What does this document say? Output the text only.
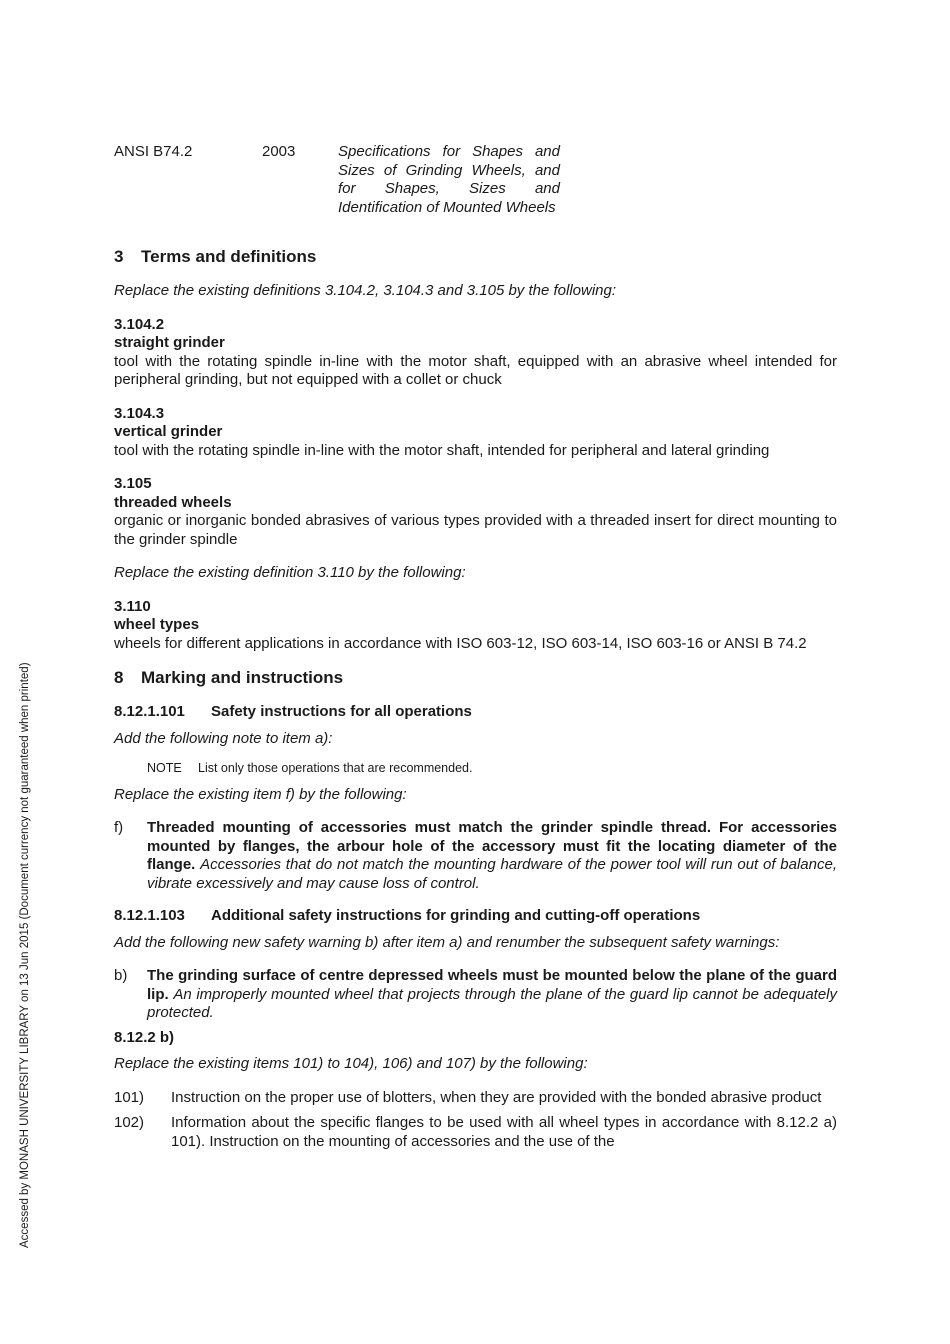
Accessed by MONASH UNIVERSITY LIBRARY on 13 Jun 2015 (Document currency not guaranteed when printed)
ANSI B74.2	2003	Specifications for Shapes and Sizes of Grinding Wheels, and for Shapes, Sizes and Identification of Mounted Wheels
3 Terms and definitions

Replace the existing definitions 3.104.2, 3.104.3 and 3.105 by the following:

3.104.2
straight grinder
tool with the rotating spindle in-line with the motor shaft, equipped with an abrasive wheel intended for peripheral grinding, but not equipped with a collet or chuck
3.104.3
vertical grinder
tool with the rotating spindle in-line with the motor shaft, intended for peripheral and lateral grinding
3.105
threaded wheels
organic or inorganic bonded abrasives of various types provided with a threaded insert for direct mounting to the grinder spindle

Replace the existing definition 3.110 by the following:

3.110
wheel types
wheels for different applications in accordance with ISO 603-12, ISO 603-14, ISO 603-16 or ANSI B 74.2
8 Marking and instructions
8.12.1.101 Safety instructions for all operations

Add the following note to item a):

NOTE List only those operations that are recommended.

Replace the existing item f) by the following:

f)	Threaded mounting of accessories must match the grinder spindle thread. For accessories mounted by flanges, the arbour hole of the accessory must fit the locating diameter of the flange. Accessories that do not match the mounting hardware of the power tool will run out of balance, vibrate excessively and may cause loss of control.
8.12.1.103 Additional safety instructions for grinding and cutting-off operations

Add the following new safety warning b) after item a) and renumber the subsequent safety warnings:

b)	The grinding surface of centre depressed wheels must be mounted below the plane of the guard lip. An improperly mounted wheel that projects through the plane of the guard lip cannot be adequately protected.
8.12.2 b)

Replace the existing items 101) to 104), 106) and 107) by the following:

101)	Instruction on the proper use of blotters, when they are provided with the bonded abrasive product
102)	Information about the specific flanges to be used with all wheel types in accordance with 8.12.2 a) 101). Instruction on the mounting of accessories and the use of the
